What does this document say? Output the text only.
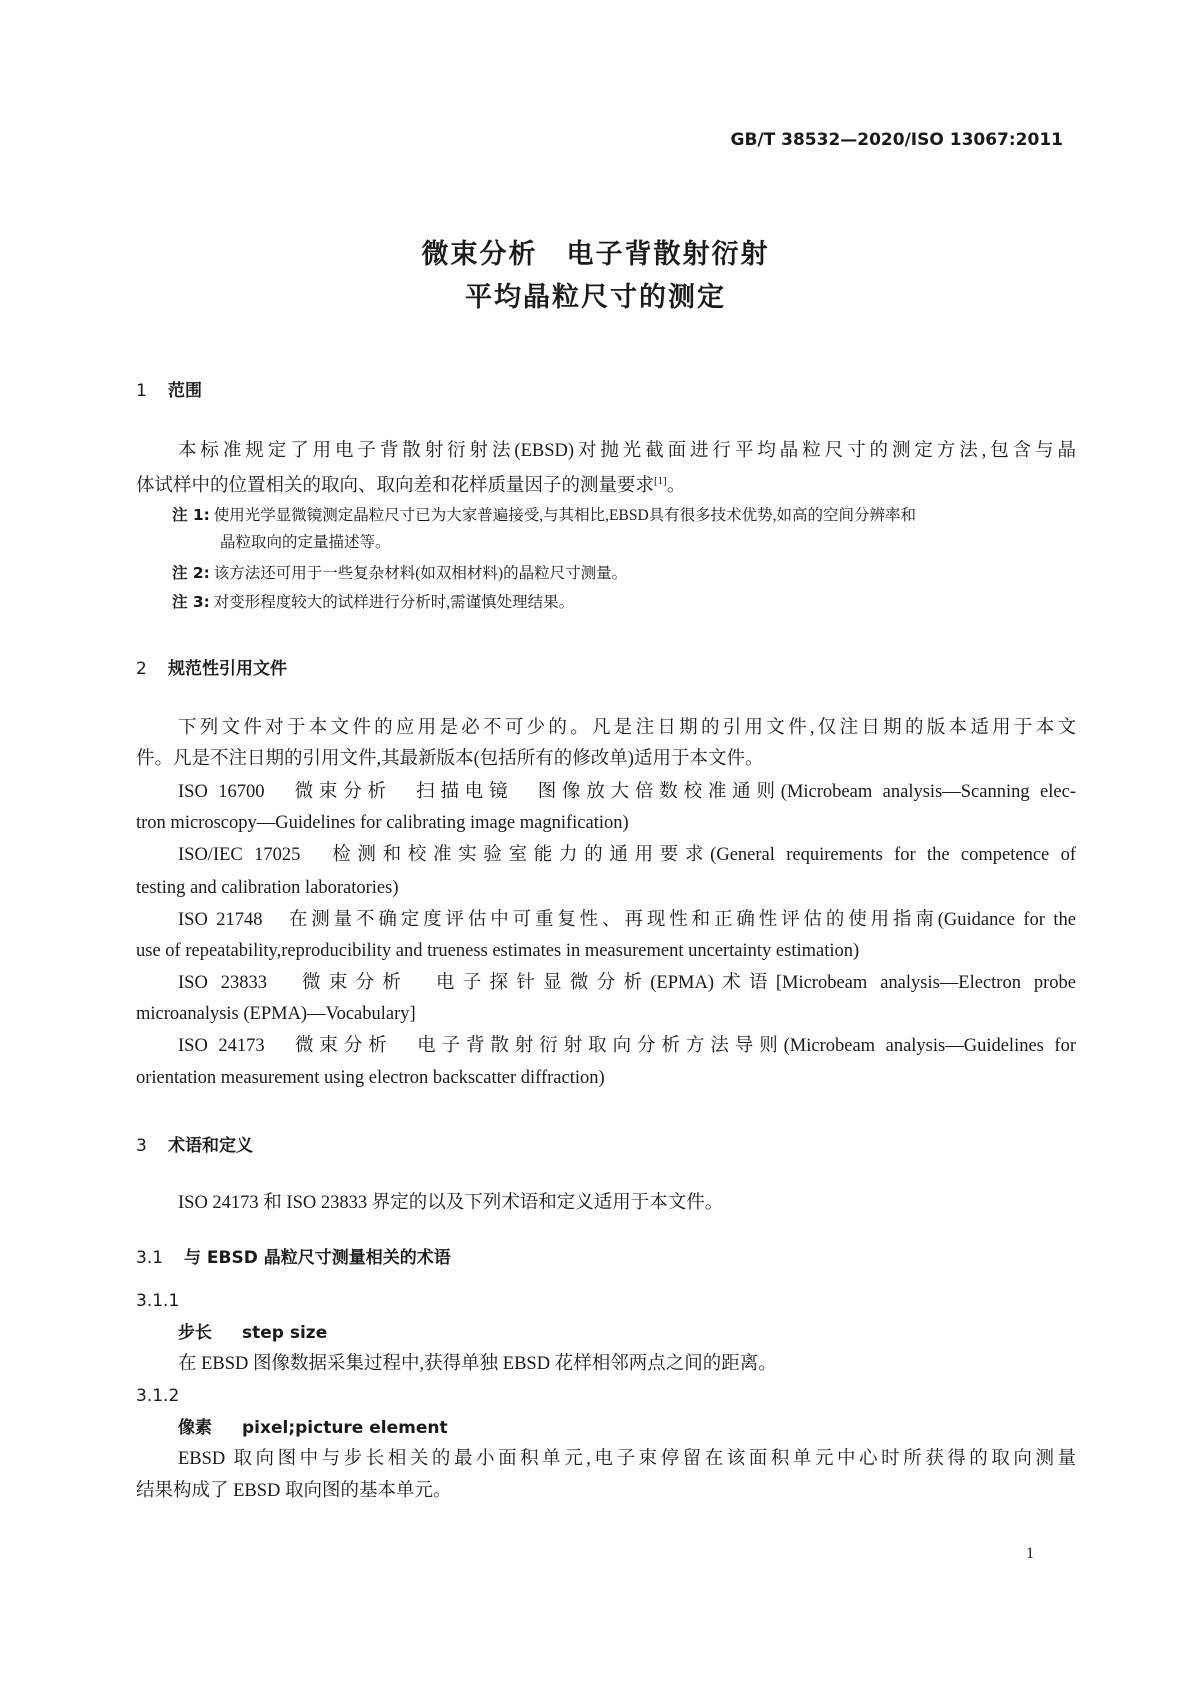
GB/T 38532—2020/ISO 13067:2011
微束分析　电子背散射衍射
平均晶粒尺寸的测定
1 范围
本标准规定了用电子背散射衍射法(EBSD)对抛光截面进行平均晶粒尺寸的测定方法,包含与晶
体试样中的位置相关的取向、取向差和花样质量因子的测量要求[1]。
注 1: 使用光学显微镜测定晶粒尺寸已为大家普遍接受,与其相比,EBSD具有很多技术优势,如高的空间分辨率和
晶粒取向的定量描述等。
注 2: 该方法还可用于一些复杂材料(如双相材料)的晶粒尺寸测量。
注 3: 对变形程度较大的试样进行分析时,需谨慎处理结果。
2 规范性引用文件
下列文件对于本文件的应用是必不可少的。凡是注日期的引用文件,仅注日期的版本适用于本文
件。凡是不注日期的引用文件,其最新版本(包括所有的修改单)适用于本文件。
ISO 16700　微束分析　扫描电镜　图像放大倍数校准通则(Microbeam analysis—Scanning elec-
tron microscopy—Guidelines for calibrating image magnification)
ISO/IEC 17025　检测和校准实验室能力的通用要求(General requirements for the competence of
testing and calibration laboratories)
ISO 21748　在测量不确定度评估中可重复性、再现性和正确性评估的使用指南(Guidance for the
use of repeatability,reproducibility and trueness estimates in measurement uncertainty estimation)
ISO 23833　微束分析　电子探针显微分析(EPMA)术语[Microbeam analysis—Electron probe
microanalysis (EPMA)—Vocabulary]
ISO 24173　微束分析　电子背散射衍射取向分析方法导则(Microbeam analysis—Guidelines for
orientation measurement using electron backscatter diffraction)
3 术语和定义
ISO 24173 和 ISO 23833 界定的以及下列术语和定义适用于本文件。
3.1 与 EBSD 晶粒尺寸测量相关的术语
3.1.1
步长 step size
在 EBSD 图像数据采集过程中,获得单独 EBSD 花样相邻两点之间的距离。
3.1.2
像素 pixel;picture element
EBSD 取向图中与步长相关的最小面积单元,电子束停留在该面积单元中心时所获得的取向测量
结果构成了 EBSD 取向图的基本单元。
1
